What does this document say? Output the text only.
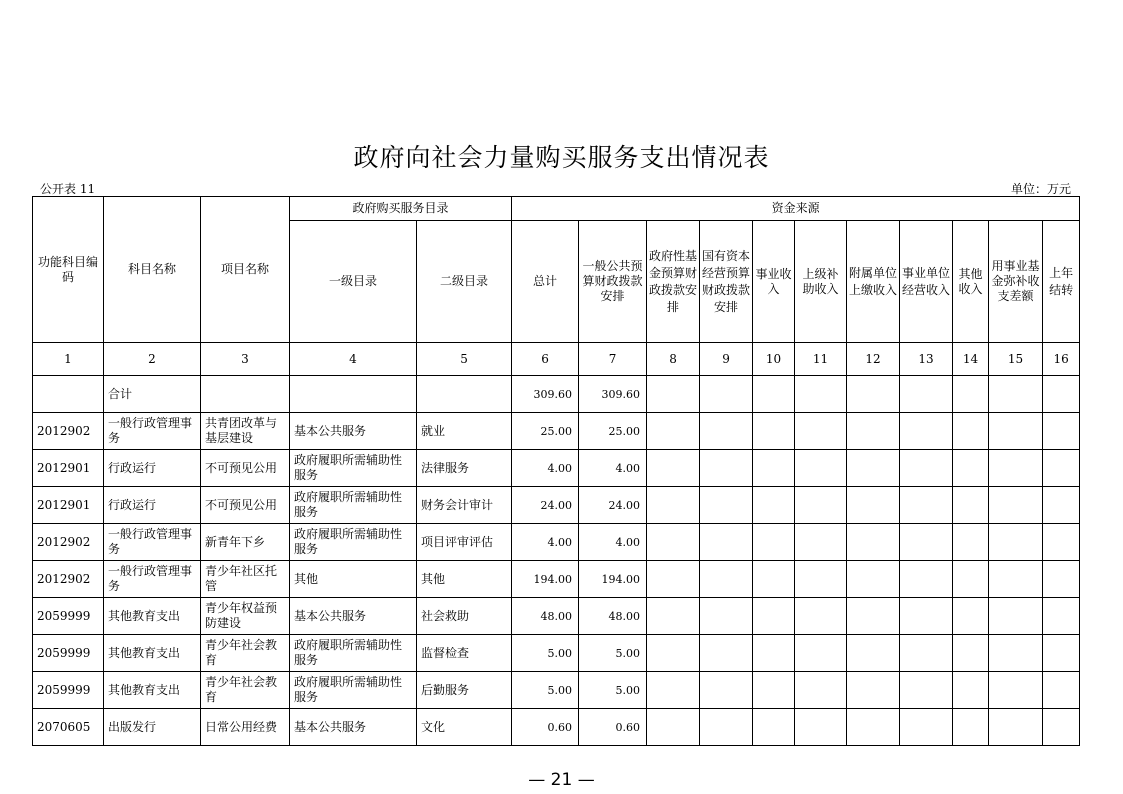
政府向社会力量购买服务支出情况表
公开表 11	单位：万元
功能科目编码	科目名称	项目名称	政府购买服务目录		资金来源										
			一级目录	二级目录	总计	一般公共预算财政拨款安排	政府性基金预算财政拨款安排	国有资本经营预算财政拨款安排	事业收入	上级补助收入	附属单位上缴收入	事业单位经营收入	其他收入	用事业基金弥补收支差额	上年结转
1	2	3	4	5	6	7	8	9	10	11	12	13	14	15	16
	合计				309.60	309.60									
2012902	一般行政管理事务	共青团改革与基层建设	基本公共服务	就业	25.00	25.00									
2012901	行政运行	不可预见公用	政府履职所需辅助性服务	法律服务	4.00	4.00									
2012901	行政运行	不可预见公用	政府履职所需辅助性服务	财务会计审计	24.00	24.00									
2012902	一般行政管理事务	新青年下乡	政府履职所需辅助性服务	项目评审评估	4.00	4.00									
2012902	一般行政管理事务	青少年社区托管	其他	其他	194.00	194.00									
2059999	其他教育支出	青少年权益预防建设	基本公共服务	社会救助	48.00	48.00									
2059999	其他教育支出	青少年社会教育	政府履职所需辅助性服务	监督检查	5.00	5.00									
2059999	其他教育支出	青少年社会教育	政府履职所需辅助性服务	后勤服务	5.00	5.00									
2070605	出版发行	日常公用经费	基本公共服务	文化	0.60	0.60									
— 21 —
